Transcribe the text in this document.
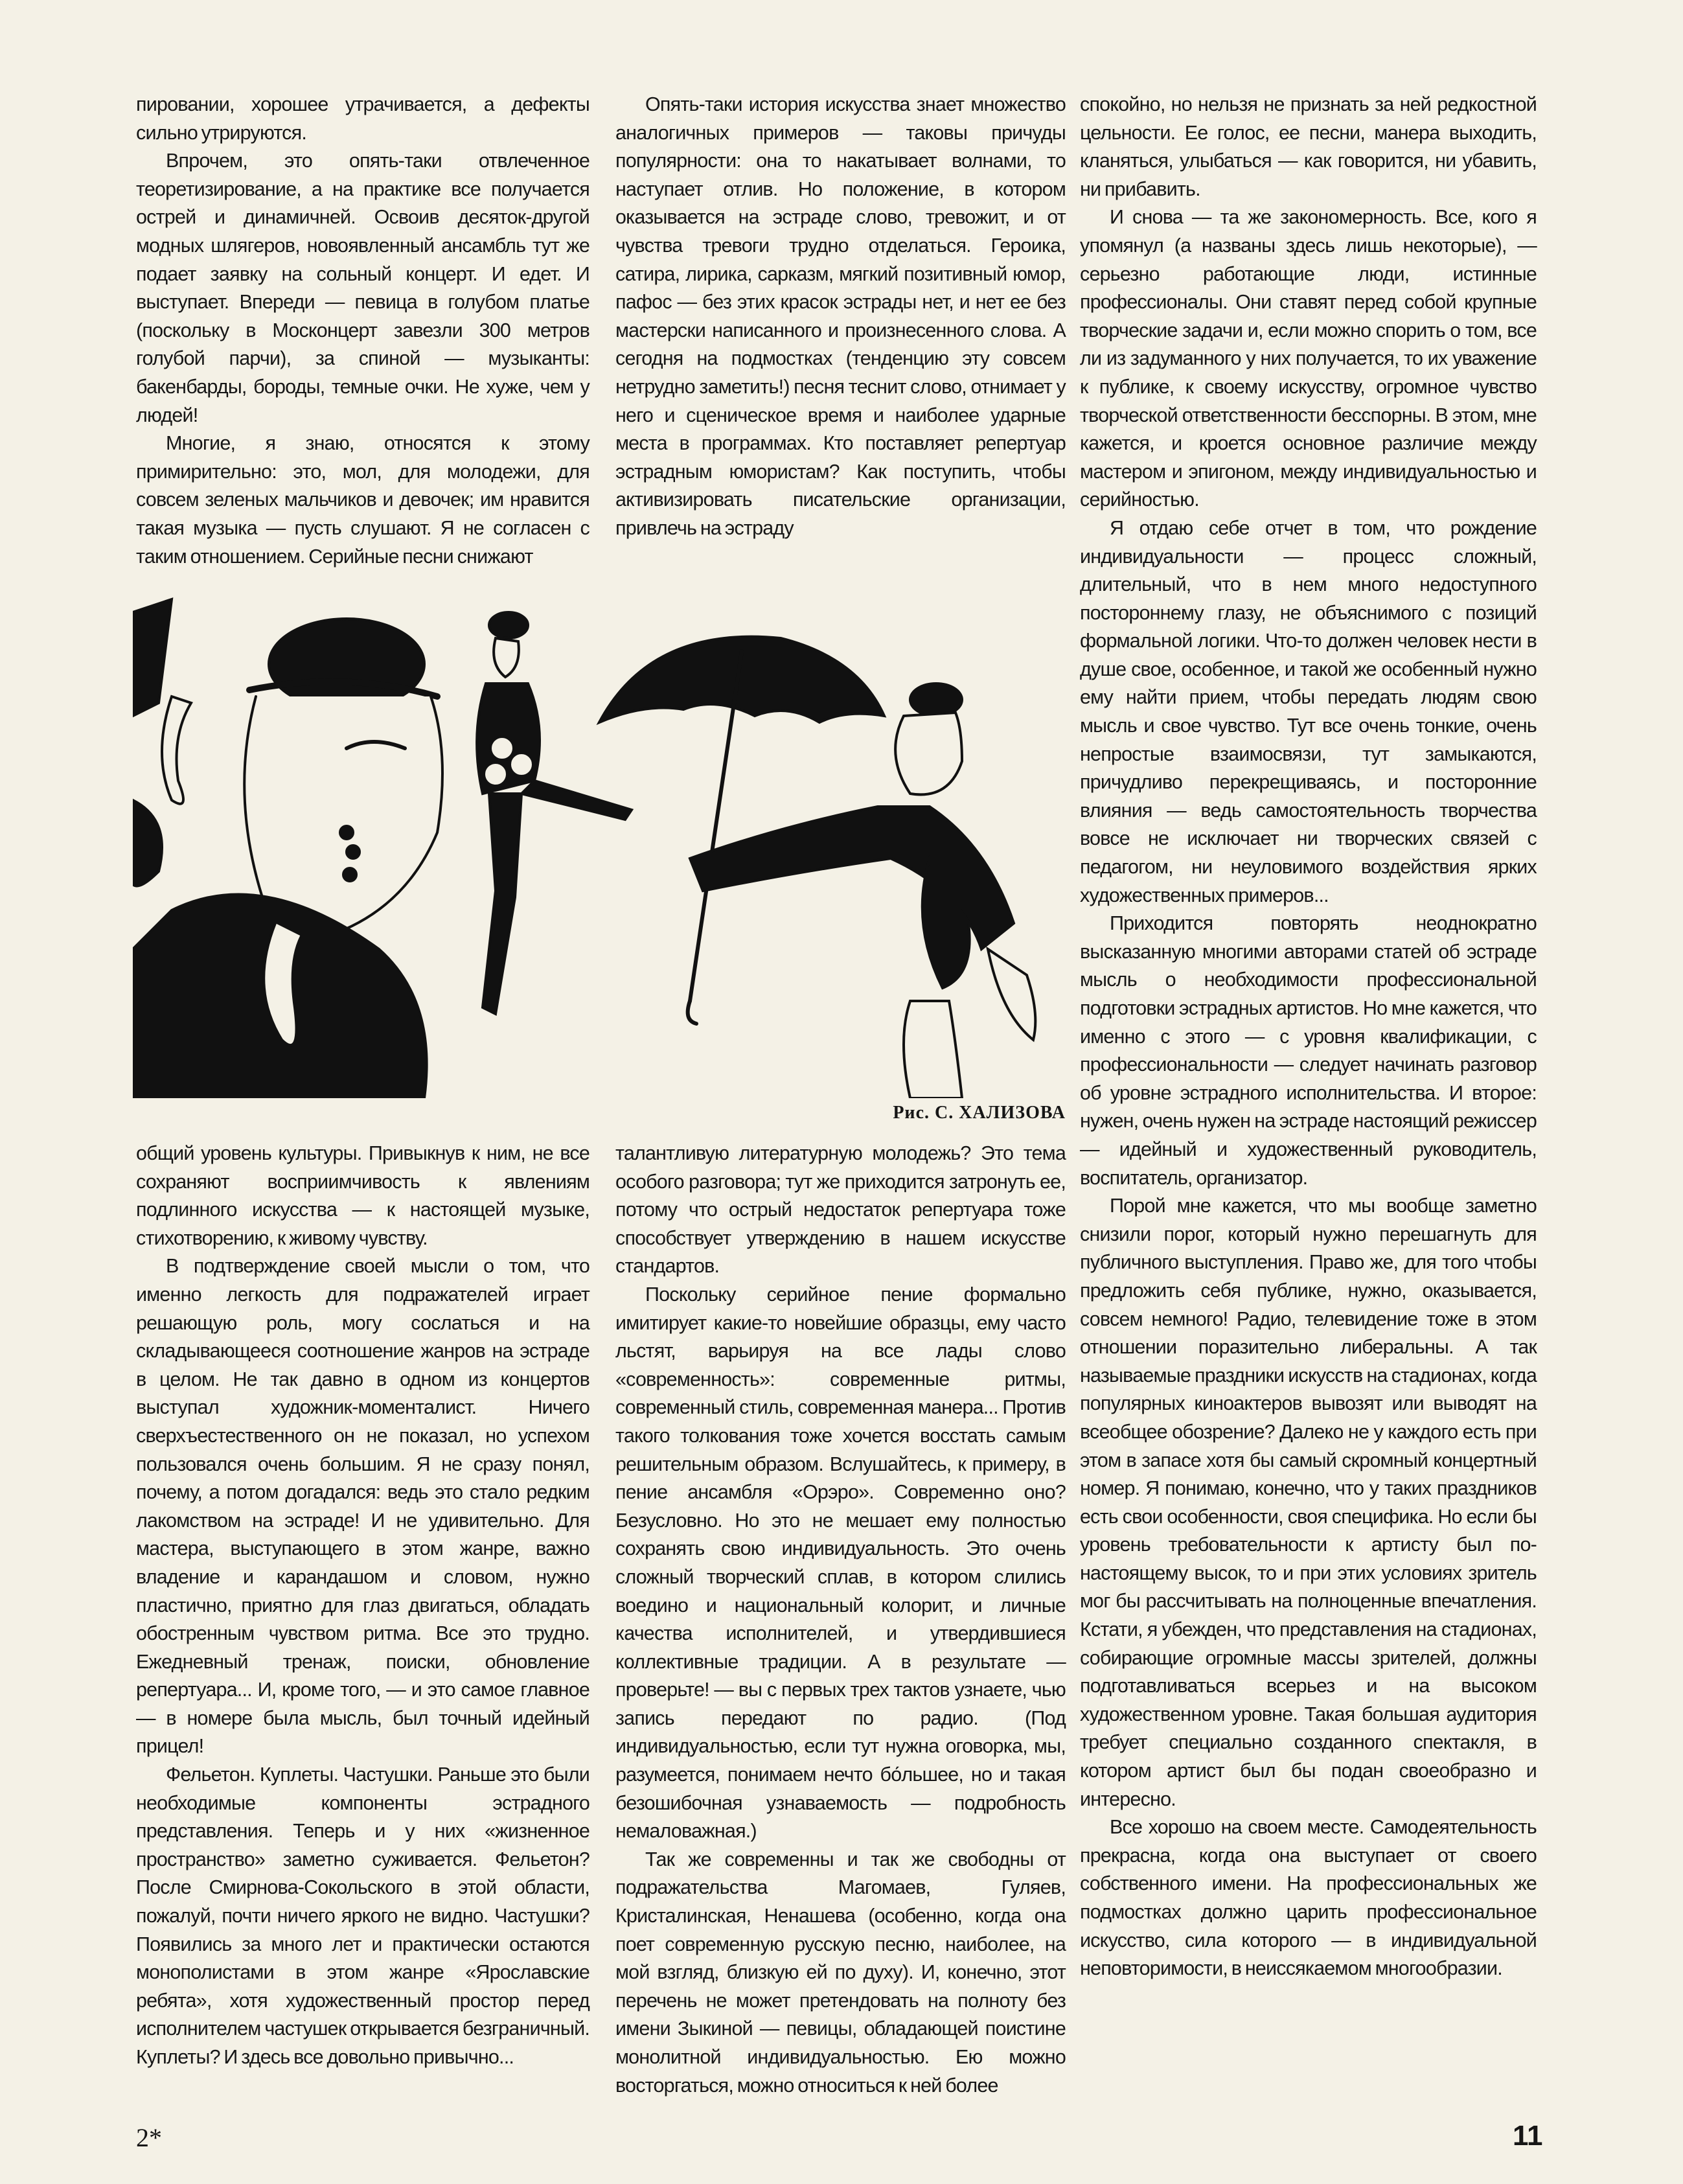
пировании, хорошее утрачивается, а дефекты сильно утрируются.

Впрочем, это опять-таки отвлеченное теоретизирование, а на практике все получается острей и динамичней. Освоив десяток-другой модных шлягеров, новоявленный ансамбль тут же подает заявку на сольный концерт. И едет. И выступает. Впереди — певица в голубом платье (поскольку в Москонцерт завезли 300 метров голубой парчи), за спиной — музыканты: бакенбарды, бороды, темные очки. Не хуже, чем у людей!

Многие, я знаю, относятся к этому примирительно: это, мол, для молодежи, для совсем зеленых мальчиков и девочек; им нравится такая музыка — пусть слушают. Я не согласен с таким отношением. Серийные песни снижают

Опять-таки история искусства знает множество аналогичных примеров — таковы причуды популярности: она то накатывает волнами, то наступает отлив. Но положение, в котором оказывается на эстраде слово, тревожит, и от чувства тревоги трудно отделаться. Героика, сатира, лирика, сарказм, мягкий позитивный юмор, пафос — без этих красок эстрады нет, и нет ее без мастерски написанного и произнесенного слова. А сегодня на подмостках (тенденцию эту совсем нетрудно заметить!) песня теснит слово, отнимает у него и сценическое время и наиболее ударные места в программах. Кто поставляет репертуар эстрадным юмористам? Как поступить, чтобы активизировать писательские организации, привлечь на эстраду

спокойно, но нельзя не признать за ней редкостной цельности. Ее голос, ее песни, манера выходить, кланяться, улыбаться — как говорится, ни убавить, ни прибавить.

И снова — та же закономерность. Все, кого я упомянул (а названы здесь лишь некоторые), — серьезно работающие люди, истинные профессионалы. Они ставят перед собой крупные творческие задачи и, если можно спорить о том, все ли из задуманного у них получается, то их уважение к публике, к своему искусству, огромное чувство творческой ответственности бесспорны. В этом, мне кажется, и кроется основное различие между мастером и эпигоном, между индивидуальностью и серийностью.

Я отдаю себе отчет в том, что рождение индивидуальности — процесс сложный, длительный, что в нем много недоступного постороннему глазу, не объяснимого с позиций формальной логики. Что-то должен человек нести в душе свое, особенное, и такой же особенный нужно ему найти прием, чтобы передать людям свою мысль и свое чувство. Тут все очень тонкие, очень непростые взаимосвязи, тут замыкаются, причудливо перекрещиваясь, и посторонние влияния — ведь самостоятельность творчества вовсе не исключает ни творческих связей с педагогом, ни неуловимого воздействия ярких художественных примеров...

Приходится повторять неоднократно высказанную многими авторами статей об эстраде мысль о необходимости профессиональной подготовки эстрадных артистов. Но мне кажется, что именно с этого — с уровня квалификации, с профессиональности — следует начинать разговор об уровне эстрадного исполнительства. И второе: нужен, очень нужен на эстраде настоящий режиссер — идейный и художественный руководитель, воспитатель, организатор.

Порой мне кажется, что мы вообще заметно снизили порог, который нужно перешагнуть для публичного выступления. Право же, для того чтобы предложить себя публике, нужно, оказывается, совсем немного! Радио, телевидение тоже в этом отношении поразительно либеральны. А так называемые праздники искусств на стадионах, когда популярных киноактеров вывозят или выводят на всеобщее обозрение? Далеко не у каждого есть при этом в запасе хотя бы самый скромный концертный номер. Я понимаю, конечно, что у таких праздников есть свои особенности, своя специфика. Но если бы уровень требовательности к артисту был по-настоящему высок, то и при этих условиях зритель мог бы рассчитывать на полноценные впечатления. Кстати, я убежден, что представления на стадионах, собирающие огромные массы зрителей, должны подготавливаться всерьез и на высоком художественном уровне. Такая большая аудитория требует специально созданного спектакля, в котором артист был бы подан своеобразно и интересно.

Все хорошо на своем месте. Самодеятельность прекрасна, когда она выступает от своего собственного имени. На профессиональных же подмостках должно царить профессиональное искусство, сила которого — в индивидуальной неповторимости, в неиссякаемом многообразии.

Рис. С. ХАЛИЗОВА

общий уровень культуры. Привыкнув к ним, не все сохраняют восприимчивость к явлениям подлинного искусства — к настоящей музыке, стихотворению, к живому чувству.

В подтверждение своей мысли о том, что именно легкость для подражателей играет решающую роль, могу сослаться и на складывающееся соотношение жанров на эстраде в целом. Не так давно в одном из концертов выступал художник-моменталист. Ничего сверхъестественного он не показал, но успехом пользовался очень большим. Я не сразу понял, почему, а потом догадался: ведь это стало редким лакомством на эстраде! И не удивительно. Для мастера, выступающего в этом жанре, важно владение и карандашом и словом, нужно пластично, приятно для глаз двигаться, обладать обостренным чувством ритма. Все это трудно. Ежедневный тренаж, поиски, обновление репертуара... И, кроме того, — и это самое главное — в номере была мысль, был точный идейный прицел!

Фельетон. Куплеты. Частушки. Раньше это были необходимые компоненты эстрадного представления. Теперь и у них «жизненное пространство» заметно суживается. Фельетон? После Смирнова-Сокольского в этой области, пожалуй, почти ничего яркого не видно. Частушки? Появились за много лет и практически остаются монополистами в этом жанре «Ярославские ребята», хотя художественный простор перед исполнителем частушек открывается безграничный. Куплеты? И здесь все довольно привычно...

талантливую литературную молодежь? Это тема особого разговора; тут же приходится затронуть ее, потому что острый недостаток репертуара тоже способствует утверждению в нашем искусстве стандартов.

Поскольку серийное пение формально имитирует какие-то новейшие образцы, ему часто льстят, варьируя на все лады слово «современность»: современные ритмы, современный стиль, современная манера... Против такого толкования тоже хочется восстать самым решительным образом. Вслушайтесь, к примеру, в пение ансамбля «Орэро». Современно оно? Безусловно. Но это не мешает ему полностью сохранять свою индивидуальность. Это очень сложный творческий сплав, в котором слились воедино и национальный колорит, и личные качества исполнителей, и утвердившиеся коллективные традиции. А в результате — проверьте! — вы с первых трех тактов узнаете, чью запись передают по радио. (Под индивидуальностью, если тут нужна оговорка, мы, разумеется, понимаем нечто бо́льшее, но и такая безошибочная узнаваемость — подробность немаловажная.)

Так же современны и так же свободны от подражательства Магомаев, Гуляев, Кристалинская, Ненашева (особенно, когда она поет современную русскую песню, наиболее, на мой взгляд, близкую ей по духу). И, конечно, этот перечень не может претендовать на полноту без имени Зыкиной — певицы, обладающей поистине монолитной индивидуальностью. Ею можно восторгаться, можно относиться к ней более

2*	11
